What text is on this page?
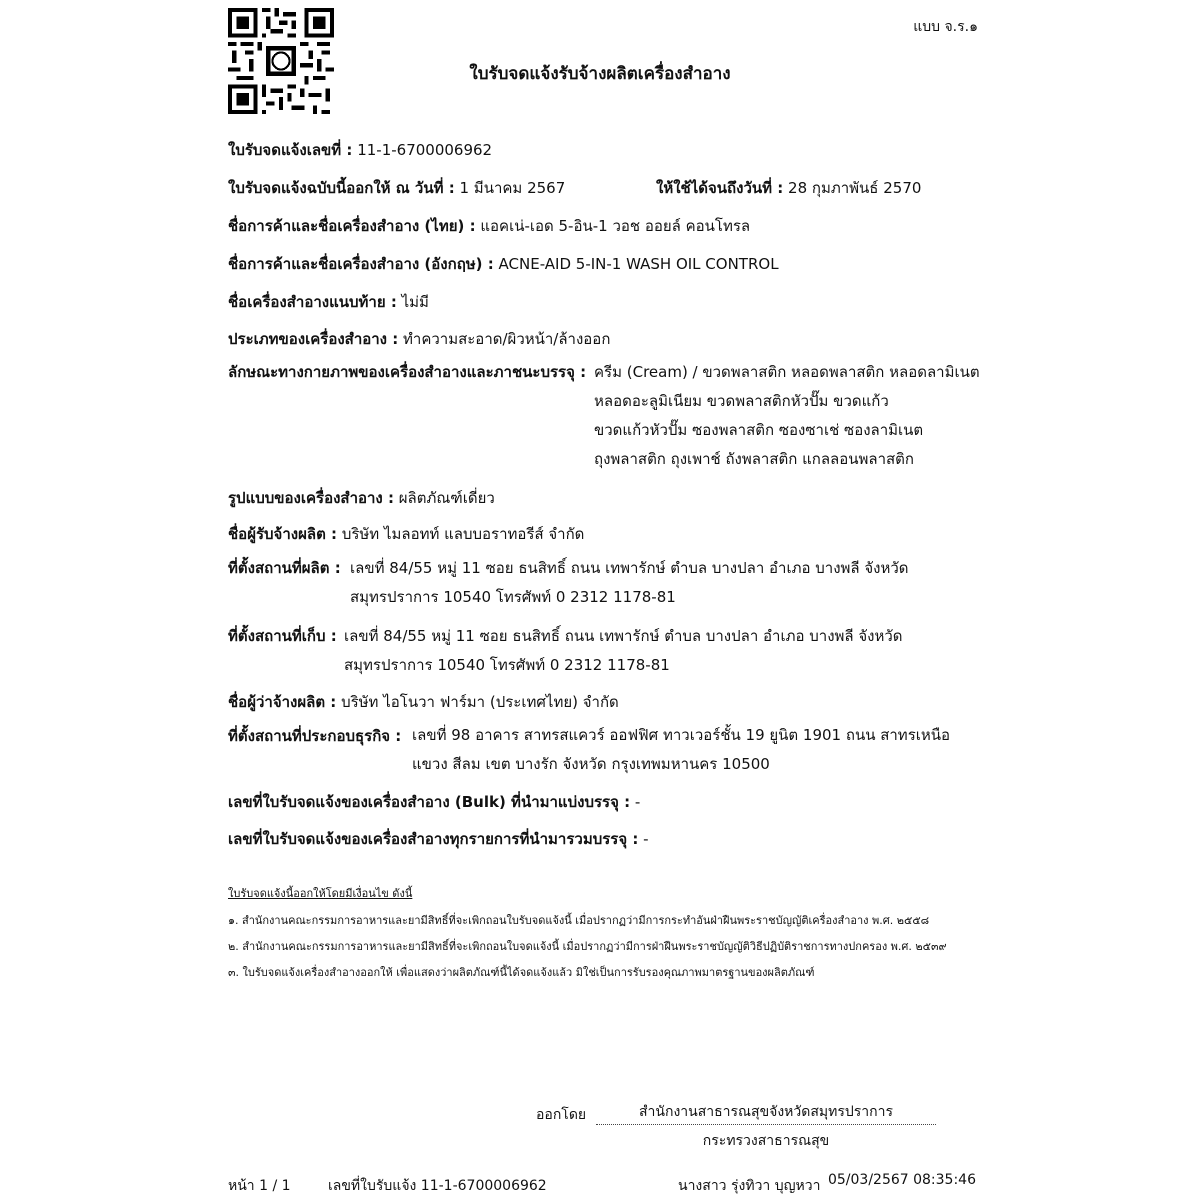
แบบ จ.ร.๑
ใบรับจดแจ้งรับจ้างผลิตเครื่องสำอาง
ใบรับจดแจ้งเลขที่ : 11-1-6700006962
ใบรับจดแจ้งฉบับนี้ออกให้ ณ วันที่ : 1 มีนาคม 2567	ให้ใช้ได้จนถึงวันที่ : 28 กุมภาพันธ์ 2570
ชื่อการค้าและชื่อเครื่องสำอาง (ไทย) : แอคเน่-เอด 5-อิน-1 วอช ออยล์ คอนโทรล
ชื่อการค้าและชื่อเครื่องสำอาง (อังกฤษ) : ACNE-AID 5-IN-1 WASH OIL CONTROL
ชื่อเครื่องสำอางแนบท้าย : ไม่มี
ประเภทของเครื่องสำอาง : ทำความสะอาด/ผิวหน้า/ล้างออก
ลักษณะทางกายภาพของเครื่องสำอางและภาชนะบรรจุ : ครีม (Cream) / ขวดพลาสติก หลอดพลาสติก หลอดลามิเนต
หลอดอะลูมิเนียม ขวดพลาสติกหัวปั๊ม ขวดแก้ว
ขวดแก้วหัวปั๊ม ซองพลาสติก ซองซาเช่ ซองลามิเนต
ถุงพลาสติก ถุงเพาช์ ถังพลาสติก แกลลอนพลาสติก
รูปแบบของเครื่องสำอาง : ผลิตภัณฑ์เดี่ยว
ชื่อผู้รับจ้างผลิต : บริษัท ไมลอทท์ แลบบอราทอรีส์ จำกัด
ที่ตั้งสถานที่ผลิต : เลขที่ 84/55 หมู่ 11 ซอย ธนสิทธิ์ ถนน เทพารักษ์ ตำบล บางปลา อำเภอ บางพลี จังหวัด
สมุทรปราการ 10540 โทรศัพท์ 0 2312 1178-81
ที่ตั้งสถานที่เก็บ : เลขที่ 84/55 หมู่ 11 ซอย ธนสิทธิ์ ถนน เทพารักษ์ ตำบล บางปลา อำเภอ บางพลี จังหวัด
สมุทรปราการ 10540 โทรศัพท์ 0 2312 1178-81
ชื่อผู้ว่าจ้างผลิต : บริษัท ไอโนวา ฟาร์มา (ประเทศไทย) จำกัด
ที่ตั้งสถานที่ประกอบธุรกิจ : เลขที่ 98 อาคาร สาทรสแควร์ ออฟฟิศ ทาวเวอร์ชั้น 19 ยูนิต 1901 ถนน สาทรเหนือ
แขวง สีลม เขต บางรัก จังหวัด กรุงเทพมหานคร 10500
เลขที่ใบรับจดแจ้งของเครื่องสำอาง (Bulk) ที่นำมาแบ่งบรรจุ : -
เลขที่ใบรับจดแจ้งของเครื่องสำอางทุกรายการที่นำมารวมบรรจุ : -
ใบรับจดแจ้งนี้ออกให้โดยมีเงื่อนไข ดังนี้
๑. สำนักงานคณะกรรมการอาหารและยามีสิทธิ์ที่จะเพิกถอนใบรับจดแจ้งนี้ เมื่อปรากฏว่ามีการกระทำอันฝ่าฝืนพระราชบัญญัติเครื่องสำอาง พ.ศ. ๒๕๕๘
๒. สำนักงานคณะกรรมการอาหารและยามีสิทธิ์ที่จะเพิกถอนใบจดแจ้งนี้ เมื่อปรากฏว่ามีการฝ่าฝืนพระราชบัญญัติวิธีปฏิบัติราชการทางปกครอง พ.ศ. ๒๕๓๙
๓. ใบรับจดแจ้งเครื่องสำอางออกให้ เพื่อแสดงว่าผลิตภัณฑ์นี้ได้จดแจ้งแล้ว มิใช่เป็นการรับรองคุณภาพมาตรฐานของผลิตภัณฑ์
ออกโดย	สำนักงานสาธารณสุขจังหวัดสมุทรปราการ
กระทรวงสาธารณสุข
หน้า 1 / 1	เลขที่ใบรับแจ้ง 11-1-6700006962	นางสาว รุ่งทิวา บุญหวา 05/03/2567 08:35:46
